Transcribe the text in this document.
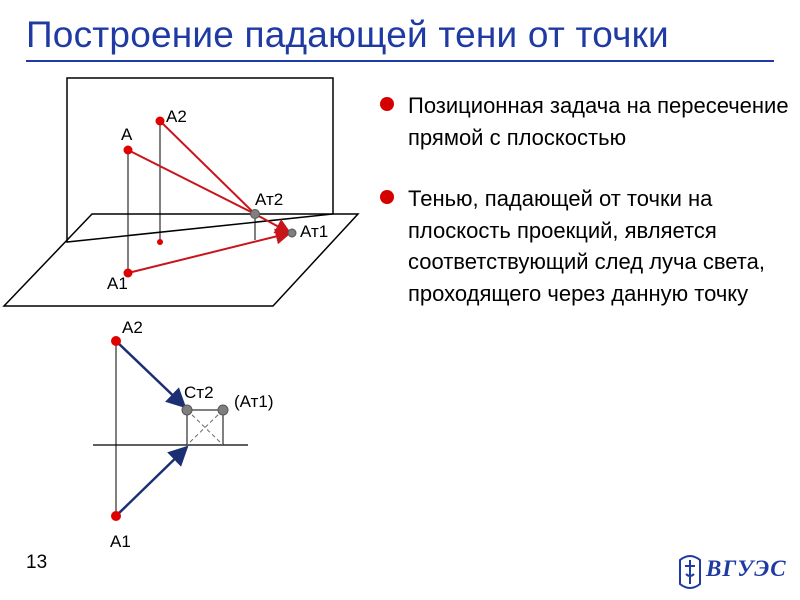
Построение падающей тени от точки
А
А2
Ат2
Ат1
А1
А2
Ст2 (Ат1)
А1
Позиционная задача на пересечение прямой с плоскостью
Тенью, падающей от точки на плоскость проекций, является соответствующий след луча света, проходящего через данную точку
13	ВГУЭС
